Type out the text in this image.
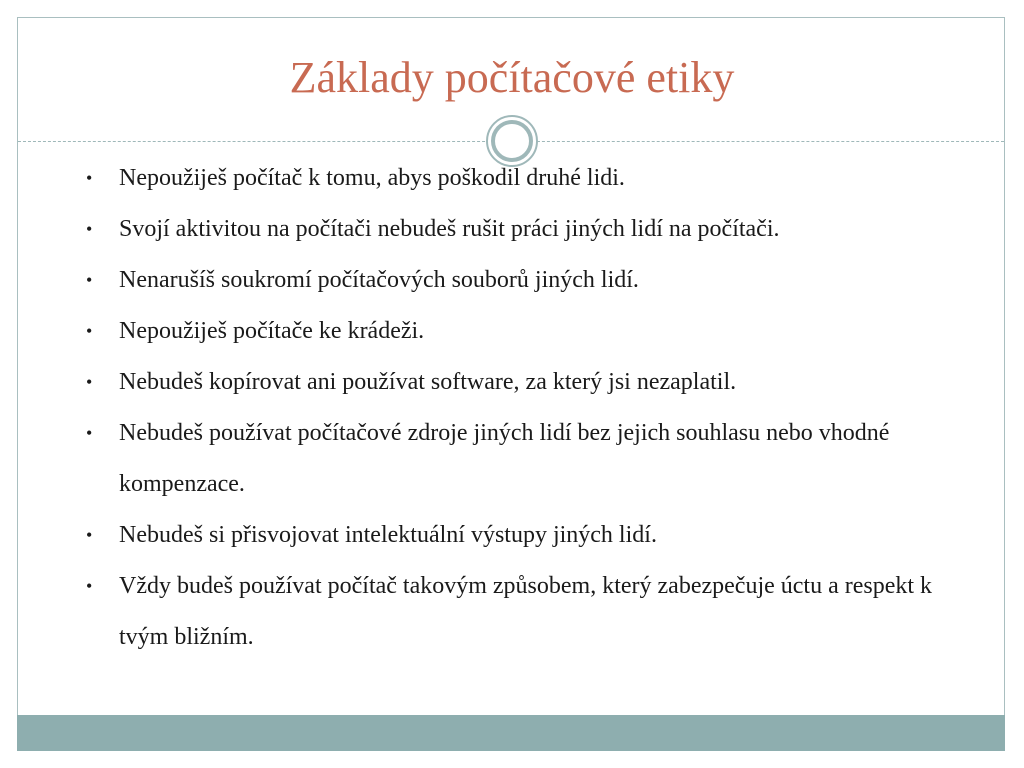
Základy počítačové etiky
•	Nepoužiješ počítač k tomu, abys poškodil druhé lidi.
•	Svojí aktivitou na počítači nebudeš rušit práci jiných lidí na počítači.
•	Nenarušíš soukromí počítačových souborů jiných lidí.
•	Nepoužiješ počítače ke krádeži.
•	Nebudeš kopírovat ani používat software, za který jsi nezaplatil.
•	Nebudeš používat počítačové zdroje jiných lidí bez jejich souhlasu nebo vhodné kompenzace.
•	Nebudeš si přisvojovat intelektuální výstupy jiných lidí.
•	Vždy budeš používat počítač takovým způsobem, který zabezpečuje úctu a respekt k tvým bližním.
